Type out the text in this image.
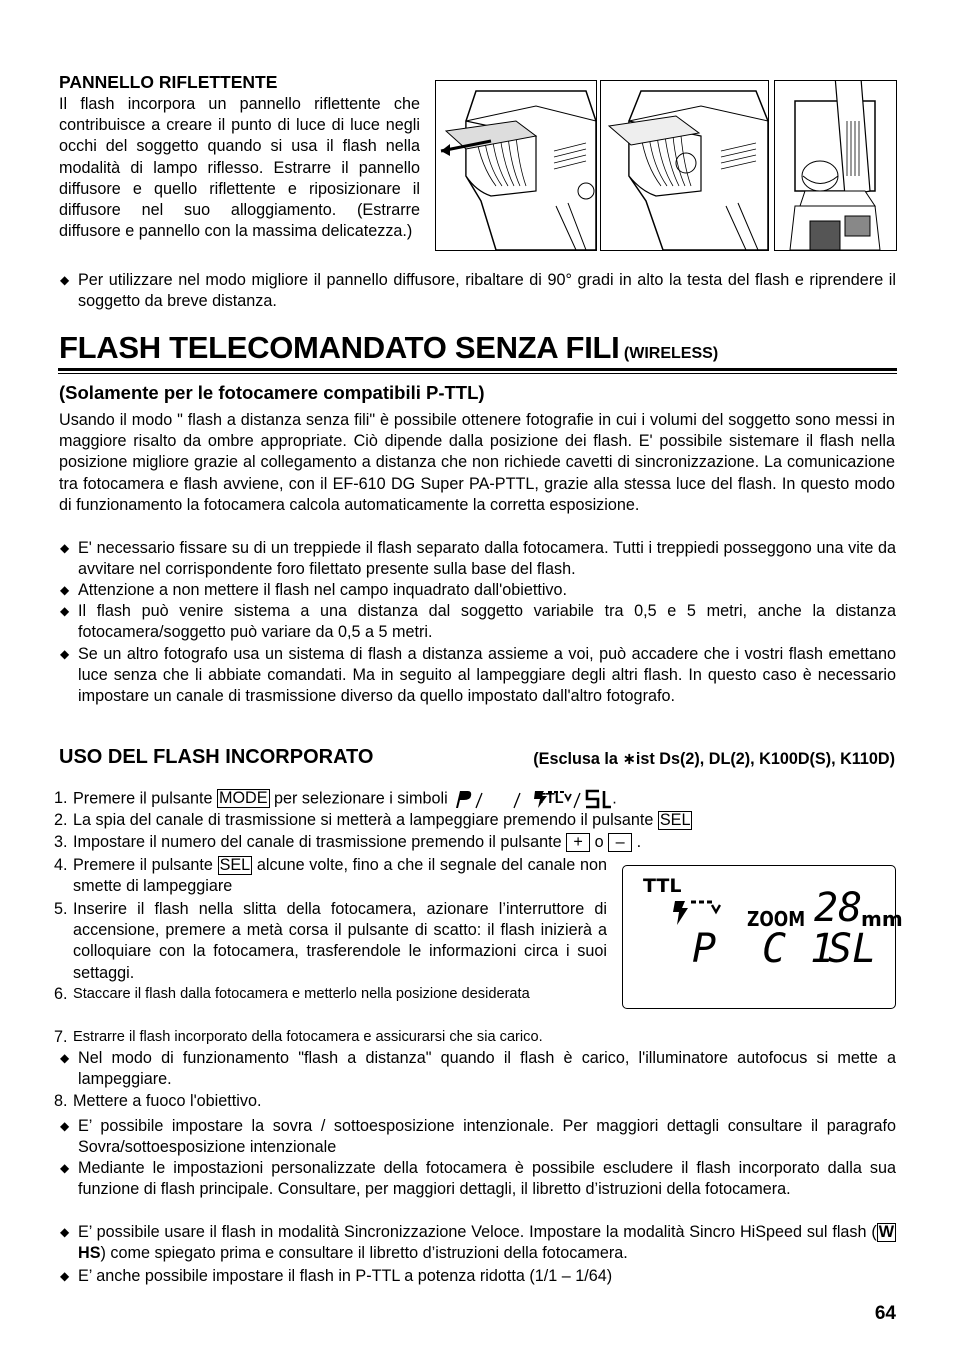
PANNELLO RIFLETTENTE
Il flash incorpora un pannello riflettente che contribuisce a creare il punto di luce di luce negli occhi del soggetto quando si usa il flash nella modalità di lampo riflesso. Estrarre il pannello diffusore e quello riflettente e riposizionare il diffusore nel suo alloggiamento. (Estrarre diffusore e pannello con la massima delicatezza.)
◆ Per utilizzare nel modo migliore il pannello diffusore, ribaltare di 90° gradi in alto la testa del flash e riprendere il soggetto da breve distanza.
FLASH TELECOMANDATO SENZA FILI (WIRELESS)
(Solamente per le fotocamere compatibili P-TTL)
Usando il modo " flash a distanza senza fili" è possibile ottenere fotografie in cui i volumi del soggetto sono messi in maggiore risalto da ombre appropriate. Ciò dipende dalla posizione dei flash. E' possibile sistemare il flash nella posizione migliore grazie al collegamento a distanza che non richiede cavetti di sincronizzazione. La comunicazione tra fotocamera e flash avviene, con il EF-610 DG Super PA-PTTL, grazie alla stessa luce del flash. In questo modo di funzionamento la fotocamera calcola automaticamente la corretta esposizione.
◆ E' necessario fissare su di un treppiede il flash separato dalla fotocamera. Tutti i treppiedi posseggono una vite da avvitare nel corrispondente foro filettato presente sulla base del flash.
◆ Attenzione a non mettere il flash nel campo inquadrato dall'obiettivo.
◆ Il flash può venire sistema a una distanza dal soggetto variabile tra 0,5 e 5 metri, anche la distanza fotocamera/soggetto può variare da 0,5 a 5 metri.
◆ Se un altro fotografo usa un sistema di flash a distanza assieme a voi, può accadere che i vostri flash emettano luce senza che li abbiate comandati. Ma in seguito al lampeggiare degli altri flash. In questo caso è necessario impostare un canale di trasmissione diverso da quello impostato dall'altro fotografo.
USO DEL FLASH INCORPORATO	(Esclusa la ∗ist Ds(2), DL(2), K100D(S), K110D)
1. Premere il pulsante MODE per selezionare i simboli	.
TTL
2. La spia del canale di trasmissione si metterà a lampeggiare premendo il pulsante SEL
3. Impostare il numero del canale di trasmissione premendo il pulsante + o – .
4. Premere il pulsante SEL alcune volte, fino a che il segnale del canale non smette di lampeggiare
5. Inserire il flash nella slitta della fotocamera, azionare l’interruttore di accensione, premere a metà corsa il pulsante di scatto: il flash inizierà a colloquiare con la fotocamera, trasferendole le informazioni circa i suoi settaggi.
6. Staccare il flash dalla fotocamera e metterlo nella posizione desiderata
TTL
ZOOM 28
mm
P C 1
SL
7. Estrarre il flash incorporato della fotocamera e assicurarsi che sia carico.
◆ Nel modo di funzionamento "flash a distanza" quando il flash è carico, l'illuminatore autofocus si mette a lampeggiare.
8. Mettere a fuoco l'obiettivo.
◆ E’ possibile impostare la sovra / sottoesposizione intenzionale. Per maggiori dettagli consultare il paragrafo Sovra/sottoesposizione intenzionale
◆ Mediante le impostazioni personalizzate della fotocamera è possibile escludere il flash incorporato dalla sua funzione di flash principale. Consultare, per maggiori dettagli, il libretto d’istruzioni della fotocamera.
◆ E’ possibile usare il flash in modalità Sincronizzazione Veloce. Impostare la modalità Sincro HiSpeed sul flash ( W HS) come spiegato prima e consultare il libretto d’istruzioni della fotocamera.
◆ E’ anche possibile impostare il flash in P-TTL a potenza ridotta (1/1 – 1/64)
64
